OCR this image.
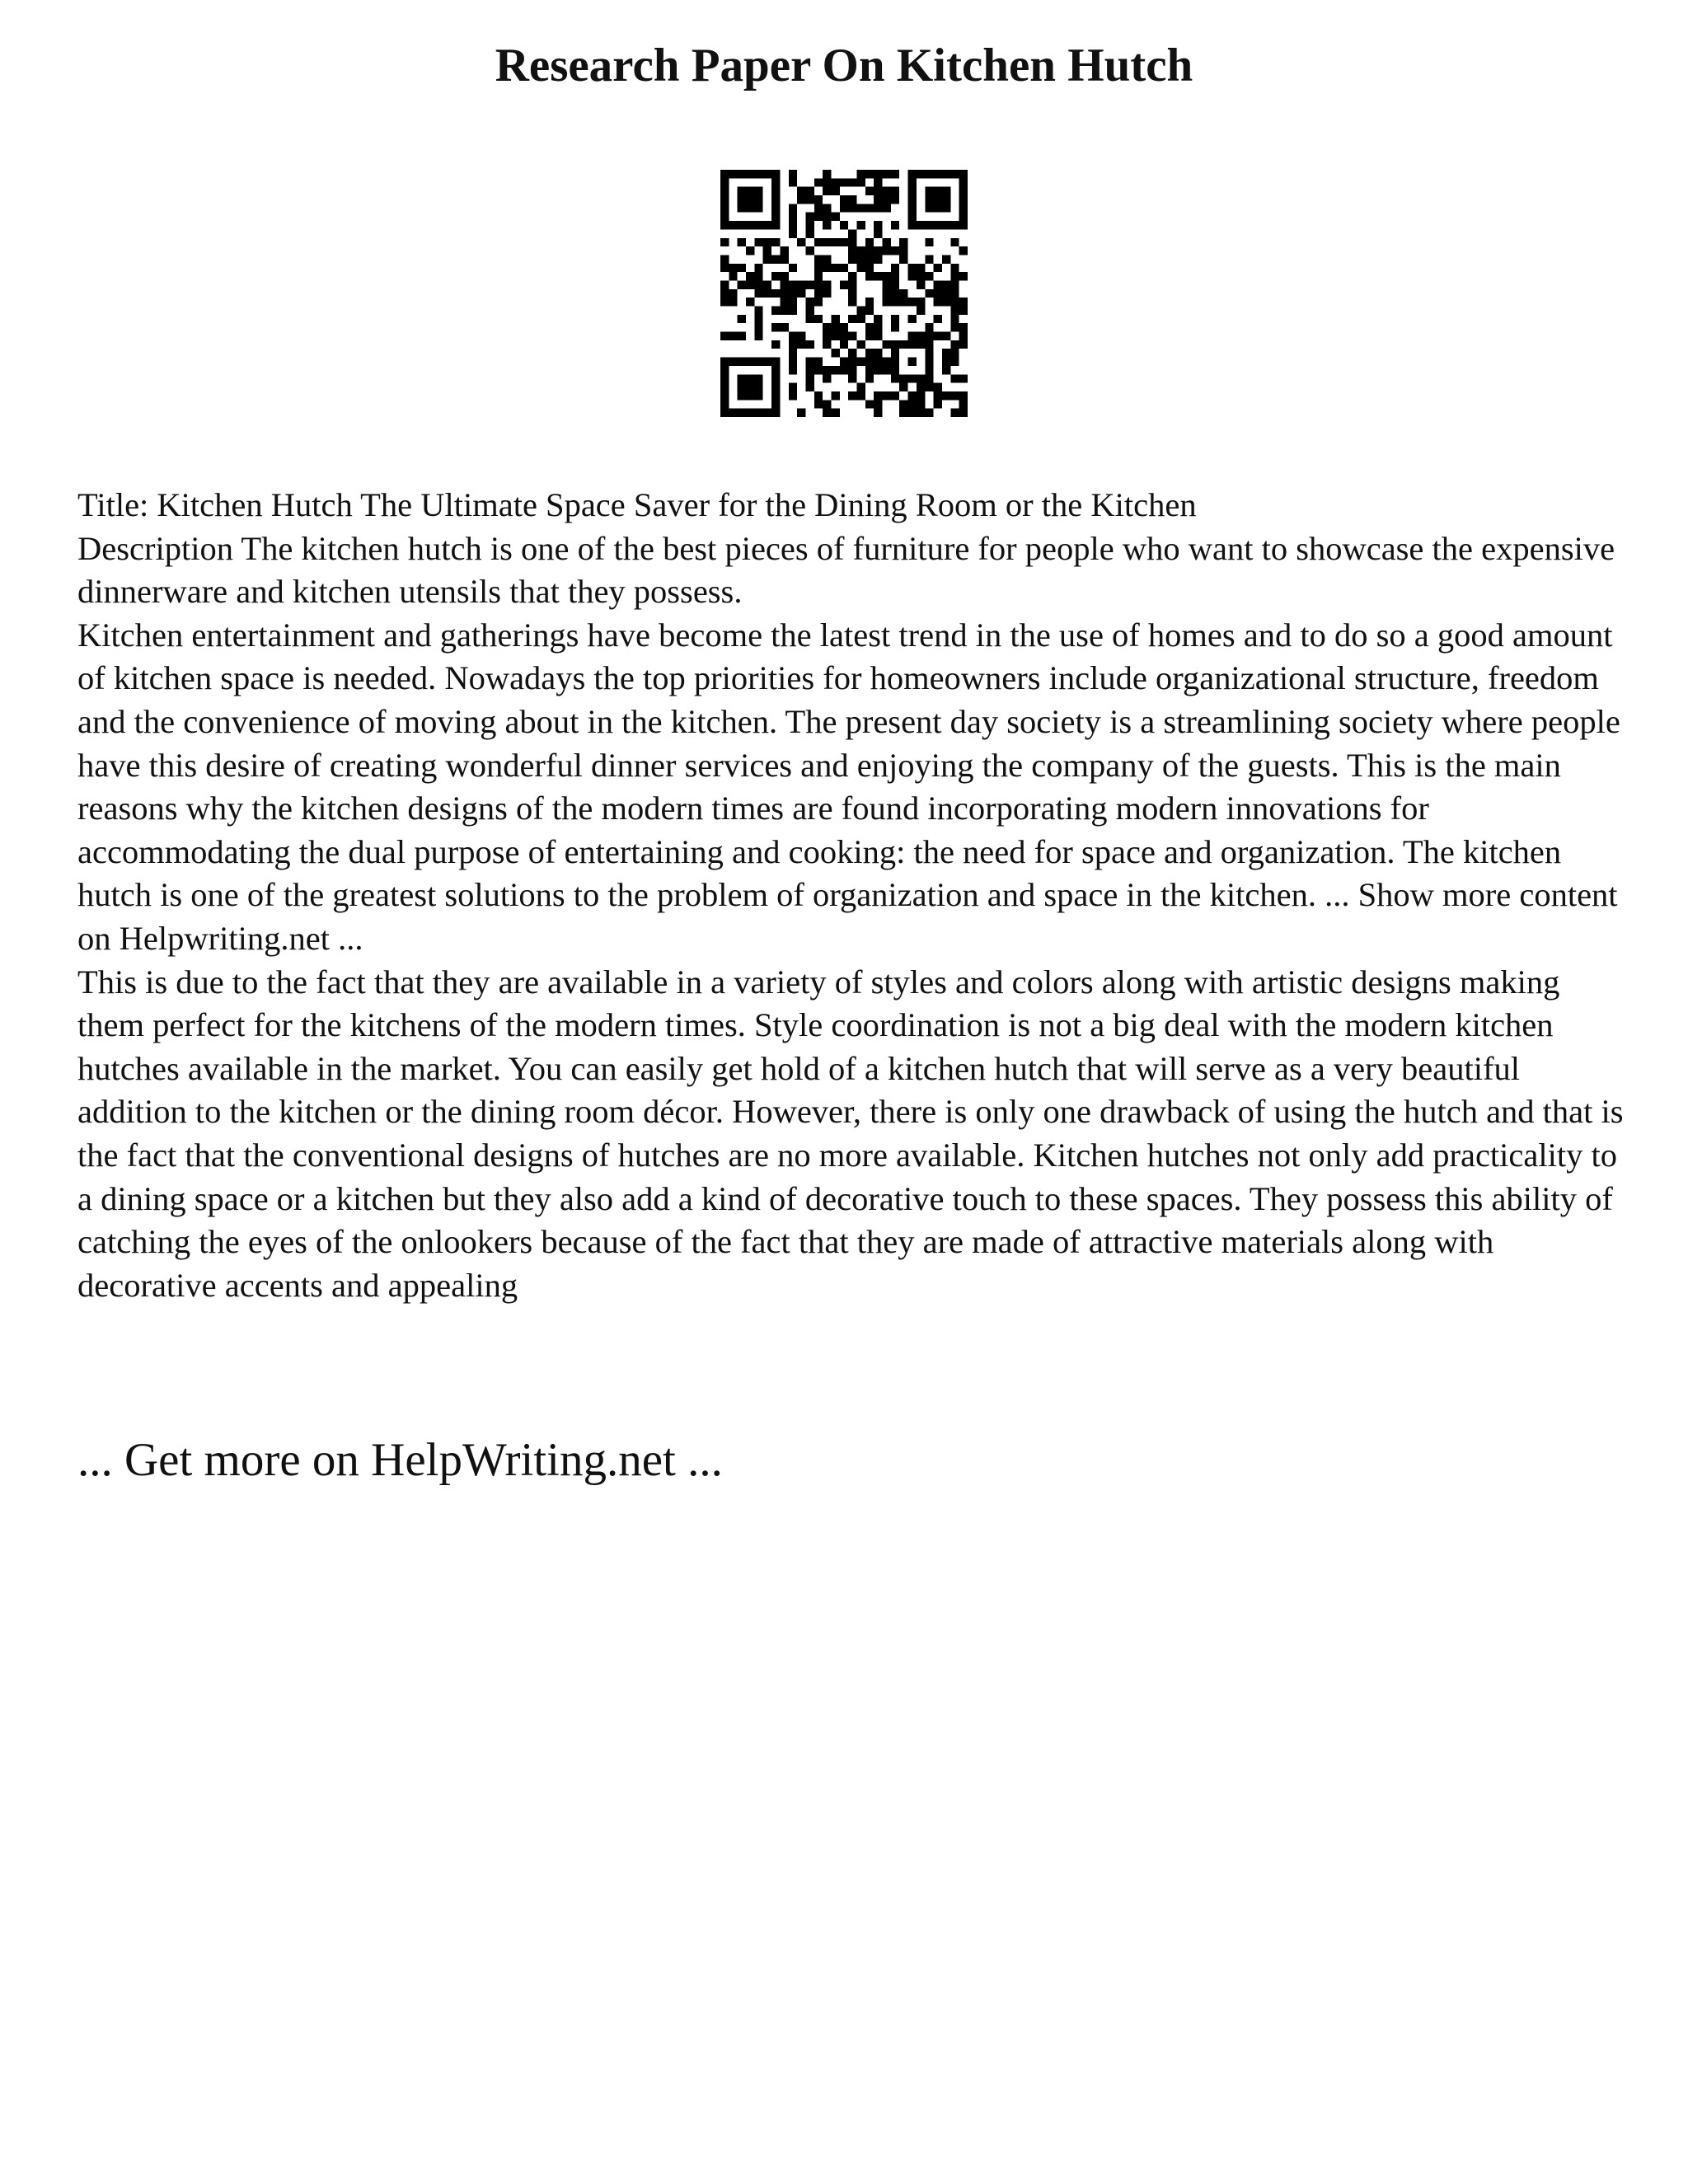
Research Paper On Kitchen Hutch

Title: Kitchen Hutch The Ultimate Space Saver for the Dining Room or the Kitchen

Description The kitchen hutch is one of the best pieces of furniture for people who want to showcase the expensive dinnerware and kitchen utensils that they possess.

Kitchen entertainment and gatherings have become the latest trend in the use of homes and to do so a good amount of kitchen space is needed. Nowadays the top priorities for homeowners include organizational structure, freedom and the convenience of moving about in the kitchen. The present day society is a streamlining society where people have this desire of creating wonderful dinner services and enjoying the company of the guests. This is the main reasons why the kitchen designs of the modern times are found incorporating modern innovations for accommodating the dual purpose of entertaining and cooking: the need for space and organization. The kitchen hutch is one of the greatest solutions to the problem of organization and space in the kitchen. ... Show more content on Helpwriting.net ...

This is due to the fact that they are available in a variety of styles and colors along with artistic designs making them perfect for the kitchens of the modern times. Style coordination is not a big deal with the modern kitchen hutches available in the market. You can easily get hold of a kitchen hutch that will serve as a very beautiful addition to the kitchen or the dining room décor. However, there is only one drawback of using the hutch and that is the fact that the conventional designs of hutches are no more available. Kitchen hutches not only add practicality to a dining space or a kitchen but they also add a kind of decorative touch to these spaces. They possess this ability of catching the eyes of the onlookers because of the fact that they are made of attractive materials along with decorative accents and appealing

... Get more on HelpWriting.net ...
